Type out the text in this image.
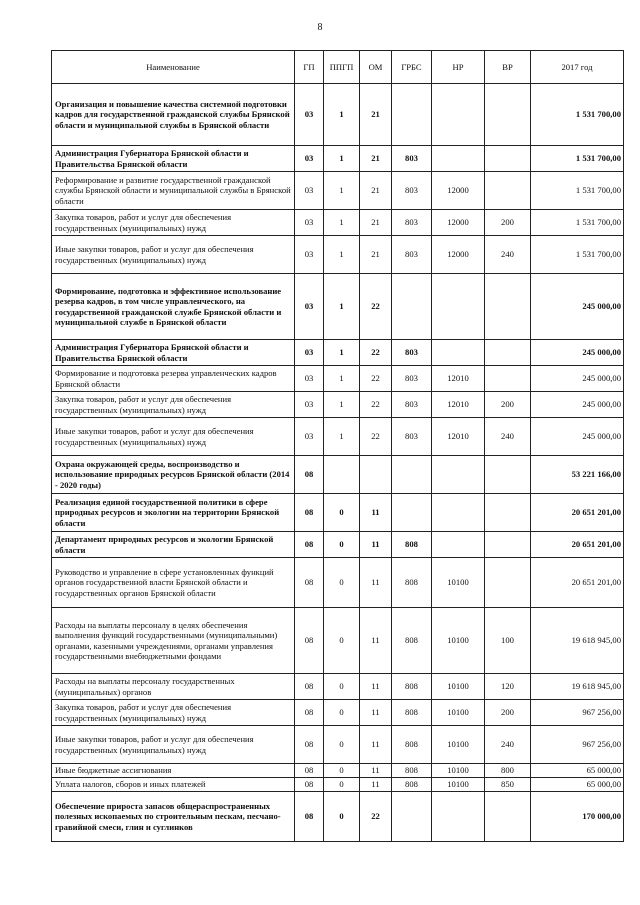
8
Наименование	ГП	ППГП	ОМ	ГРБС	НР	ВР	2017 год
Организация и повышение качества системной подготовки кадров для государственной гражданской службы Брянской области и муниципальной службы в Брянской области	03	1	21				1 531 700,00
Администрация Губернатора Брянской области и Правительства Брянской области	03	1	21	803			1 531 700,00
Реформирование и развитие государственной гражданской службы Брянской области и муниципальной службы в Брянской области	03	1	21	803	12000		1 531 700,00
Закупка товаров, работ и услуг для обеспечения государственных (муниципальных) нужд	03	1	21	803	12000	200	1 531 700,00
Иные закупки товаров, работ и услуг для обеспечения государственных (муниципальных) нужд	03	1	21	803	12000	240	1 531 700,00
Формирование, подготовка и эффективное использование резерва кадров, в том числе управленческого, на государственной гражданской службе Брянской области и муниципальной службе в Брянской области	03	1	22				245 000,00
Администрация Губернатора Брянской области и Правительства Брянской области	03	1	22	803			245 000,00
Формирование и подготовка резерва управленческих кадров Брянской области	03	1	22	803	12010		245 000,00
Закупка товаров, работ и услуг для обеспечения государственных (муниципальных) нужд	03	1	22	803	12010	200	245 000,00
Иные закупки товаров, работ и услуг для обеспечения государственных (муниципальных) нужд	03	1	22	803	12010	240	245 000,00
Охрана окружающей среды, воспроизводство и использование природных ресурсов Брянской области (2014 - 2020 годы)	08						53 221 166,00
Реализация единой государственной политики в сфере природных ресурсов и экологии на территории Брянской области	08	0	11				20 651 201,00
Департамент природных ресурсов и экологии Брянской области	08	0	11	808			20 651 201,00
Руководство и управление в сфере установленных функций органов государственной власти Брянской области и государственных органов Брянской области	08	0	11	808	10100		20 651 201,00
Расходы на выплаты персоналу в целях обеспечения выполнения функций государственными (муниципальными) органами, казенными учреждениями, органами управления государственными внебюджетными фондами	08	0	11	808	10100	100	19 618 945,00
Расходы на выплаты персоналу государственных (муниципальных) органов	08	0	11	808	10100	120	19 618 945,00
Закупка товаров, работ и услуг для обеспечения государственных (муниципальных) нужд	08	0	11	808	10100	200	967 256,00
Иные закупки товаров, работ и услуг для обеспечения государственных (муниципальных) нужд	08	0	11	808	10100	240	967 256,00
Иные бюджетные ассигнования	08	0	11	808	10100	800	65 000,00
Уплата налогов, сборов и иных платежей	08	0	11	808	10100	850	65 000,00
Обеспечение прироста запасов общераспространенных полезных ископаемых по строительным пескам, песчано-гравийной смеси, глин и суглинков	08	0	22				170 000,00
